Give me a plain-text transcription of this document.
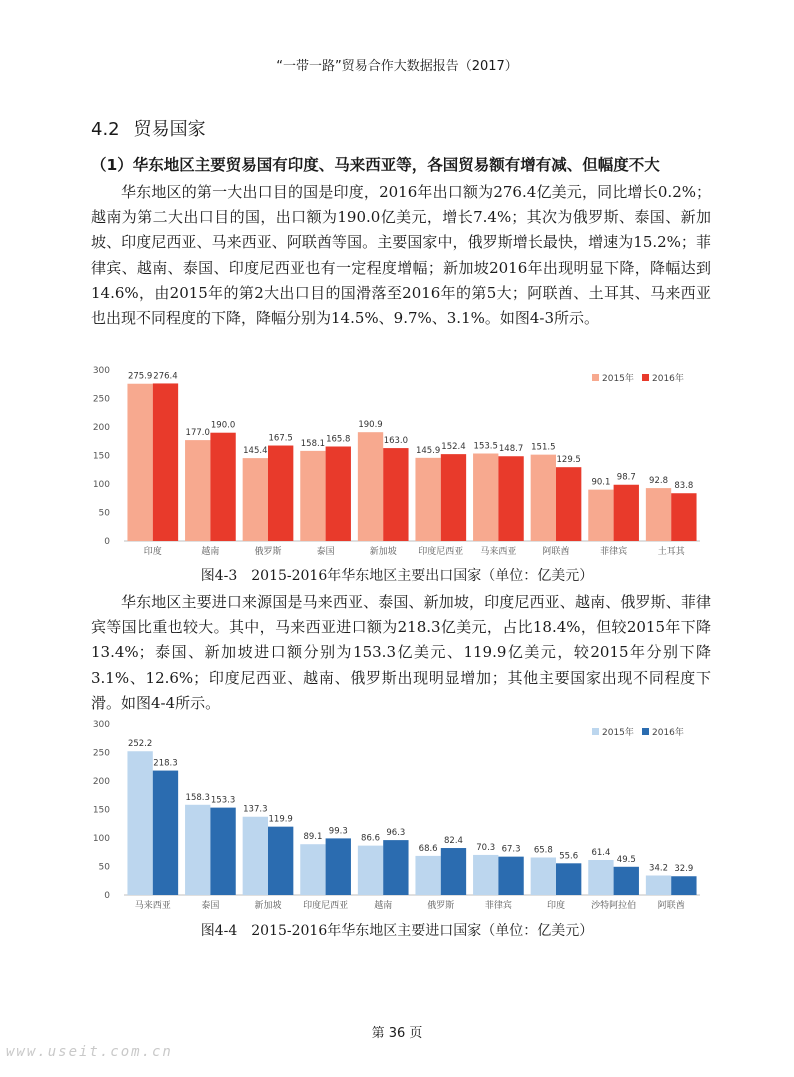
“一带一路”贸易合作大数据报告（2017）
4.2 贸易国家
（1）华东地区主要贸易国有印度、马来西亚等，各国贸易额有增有减、但幅度不大
华东地区的第一大出口目的国是印度，2016年出口额为276.4亿美元，同比增长0.2%；越南为第二大出口目的国，出口额为190.0亿美元，增长7.4%；其次为俄罗斯、泰国、新加坡、印度尼西亚、马来西亚、阿联酋等国。主要国家中，俄罗斯增长最快，增速为15.2%；菲律宾、越南、泰国、印度尼西亚也有一定程度增幅；新加坡2016年出现明显下降，降幅达到14.6%，由2015年的第2大出口目的国滑落至2016年的第5大；阿联酋、土耳其、马来西亚也出现不同程度的下降，降幅分别为14.5%、9.7%、3.1%。如图4-3所示。
0
50
100
150
200
250
300
275.9 276.4
印度
177.0
190.0
越南
145.4
167.5
俄罗斯
158.1 165.8
泰国
190.9
163.0
新加坡
145.9 152.4
印度尼西亚
153.5 148.7
马来西亚
151.5
129.5
阿联酋
90.1 98.7
菲律宾
92.8
83.8
土耳其
2015年 2016年
图4-3　2015-2016年华东地区主要出口国家（单位：亿美元）
华东地区主要进口来源国是马来西亚、泰国、新加坡，印度尼西亚、越南、俄罗斯、菲律宾等国比重也较大。其中，马来西亚进口额为218.3亿美元，占比18.4%，但较2015年下降13.4%；泰国、新加坡进口额分别为153.3亿美元、119.9亿美元，较2015年分别下降3.1%、12.6%；印度尼西亚、越南、俄罗斯出现明显增加；其他主要国家出现不同程度下滑。如图4-4所示。
0
50
100
150
200
250
300
252.2
218.3
马来西亚
158.3 153.3
泰国
137.3
119.9
新加坡
89.1
99.3
印度尼西亚
86.6
96.3
越南
68.6
82.4
俄罗斯
70.3 67.3
菲律宾
65.8
55.6
印度
61.4
49.5
沙特阿拉伯
34.2 32.9
阿联酋
2015年 2016年
图4-4　2015-2016年华东地区主要进口国家（单位：亿美元）
第 36 页
www.useit.com.cn
